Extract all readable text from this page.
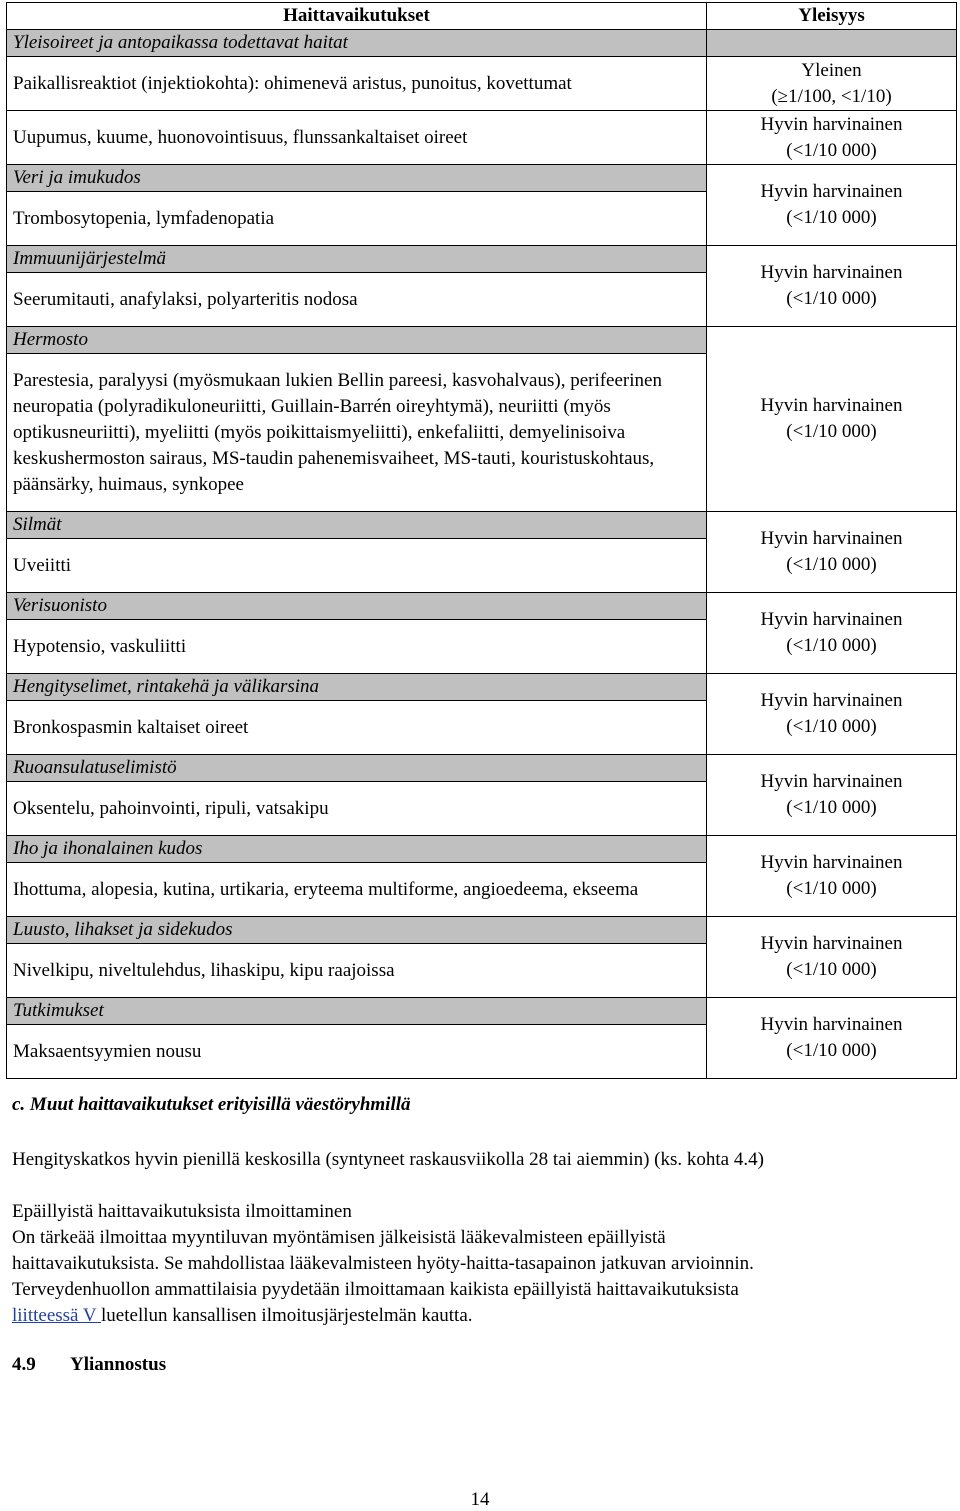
Haittavaikutukset	Yleisyys
Yleisoireet ja antopaikassa todettavat haitat	
Paikallisreaktiot (injektiokohta): ohimenevä aristus, punoitus, kovettumat	Yleinen
(≥1/100, <1/10)

Uupumus, kuume, huonovointisuus, flunssankaltaiset oireet	Hyvin harvinainen
(<1/10 000)

Veri ja imukudos	Hyvin harvinainen
(<1/10 000)

Trombosytopenia, lymfadenopatia	
Immuunijärjestelmä	Hyvin harvinainen
(<1/10 000)

Seerumitauti, anafylaksi, polyarteritis nodosa	
Hermosto	Hyvin harvinainen
(<1/10 000)

Parestesia, paralyysi (myösmukaan lukien Bellin pareesi, kasvohalvaus), perifeerinen neuropatia (polyradikuloneuriitti, Guillain-Barrén oireyhtymä), neuriitti (myös optikusneuriitti), myeliitti (myös poikittaismyeliitti), enkefaliitti, demyelinisoiva keskushermoston sairaus, MS-taudin pahenemisvaiheet, MS-tauti, kouristuskohtaus, päänsärky, huimaus, synkopee	
Silmät	Hyvin harvinainen
(<1/10 000)

Uveiitti	
Verisuonisto	Hyvin harvinainen
(<1/10 000)

Hypotensio, vaskuliitti	
Hengityselimet, rintakehä ja välikarsina	Hyvin harvinainen
(<1/10 000)

Bronkospasmin kaltaiset oireet	
Ruoansulatuselimistö	Hyvin harvinainen
(<1/10 000)

Oksentelu, pahoinvointi, ripuli, vatsakipu	
Iho ja ihonalainen kudos	Hyvin harvinainen
(<1/10 000)

Ihottuma, alopesia, kutina, urtikaria, eryteema multiforme, angioedeema, ekseema	
Luusto, lihakset ja sidekudos	Hyvin harvinainen
(<1/10 000)

Nivelkipu, niveltulehdus, lihaskipu, kipu raajoissa	
Tutkimukset	Hyvin harvinainen
(<1/10 000)

Maksaentsyymien nousu	
c. Muut haittavaikutukset erityisillä väestöryhmillä
Hengityskatkos hyvin pienillä keskosilla (syntyneet raskausviikolla 28 tai aiemmin) (ks. kohta 4.4)
Epäillyistä haittavaikutuksista ilmoittaminen
On tärkeää ilmoittaa myyntiluvan myöntämisen jälkeisistä lääkevalmisteen epäillyistä
haittavaikutuksista. Se mahdollistaa lääkevalmisteen hyöty-haitta-tasapainon jatkuvan arvioinnin.
Terveydenhuollon ammattilaisia pyydetään ilmoittamaan kaikista epäillyistä haittavaikutuksista
liitteessä V luetellun kansallisen ilmoitusjärjestelmän kautta.
4.9 Yliannostus
14
